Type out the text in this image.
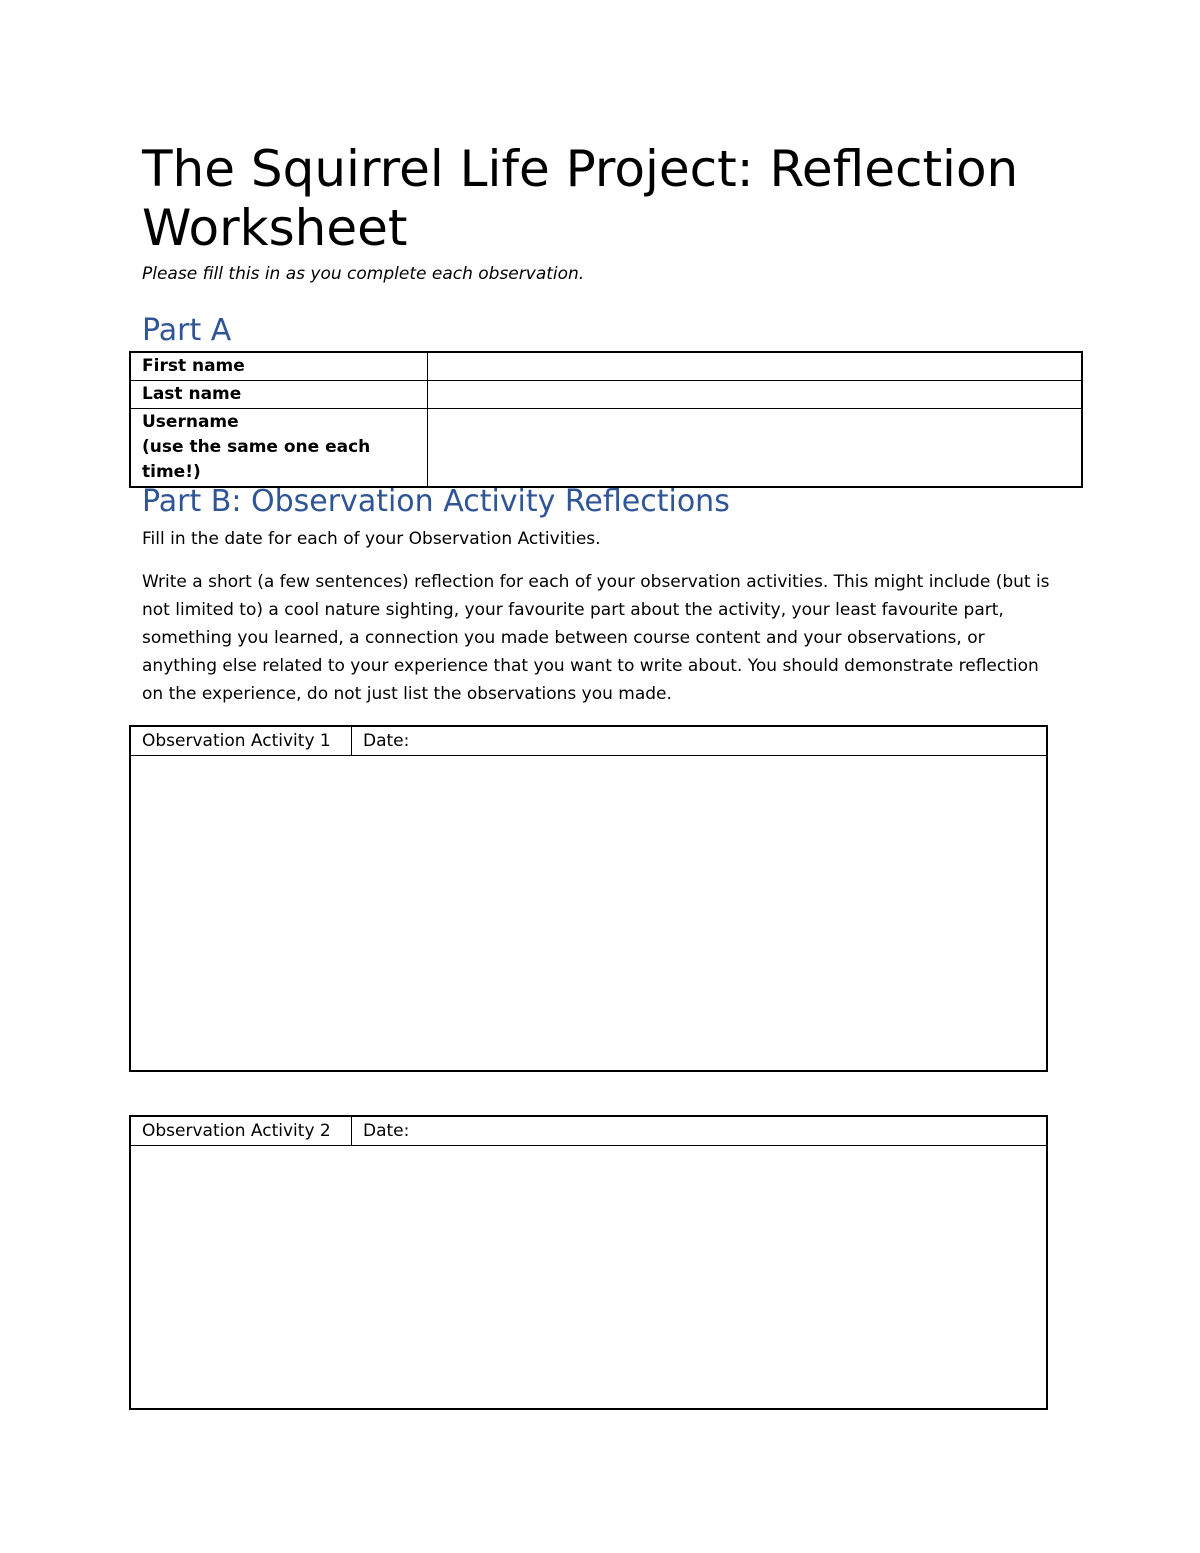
The Squirrel Life Project: Reflection Worksheet

Please fill this in as you complete each observation.

Part A
First name	
Last name	

Username
(use the same one each time!)	

Part B: Observation Activity Reflections

Fill in the date for each of your Observation Activities.

Write a short (a few sentences) reflection for each of your observation activities. This might include (but is not limited to) a cool nature sighting, your favourite part about the activity, your least favourite part, something you learned, a connection you made between course content and your observations, or anything else related to your experience that you want to write about. You should demonstrate reflection on the experience, do not just list the observations you made.

Observation Activity 1	Date:

Observation Activity 2	Date:
